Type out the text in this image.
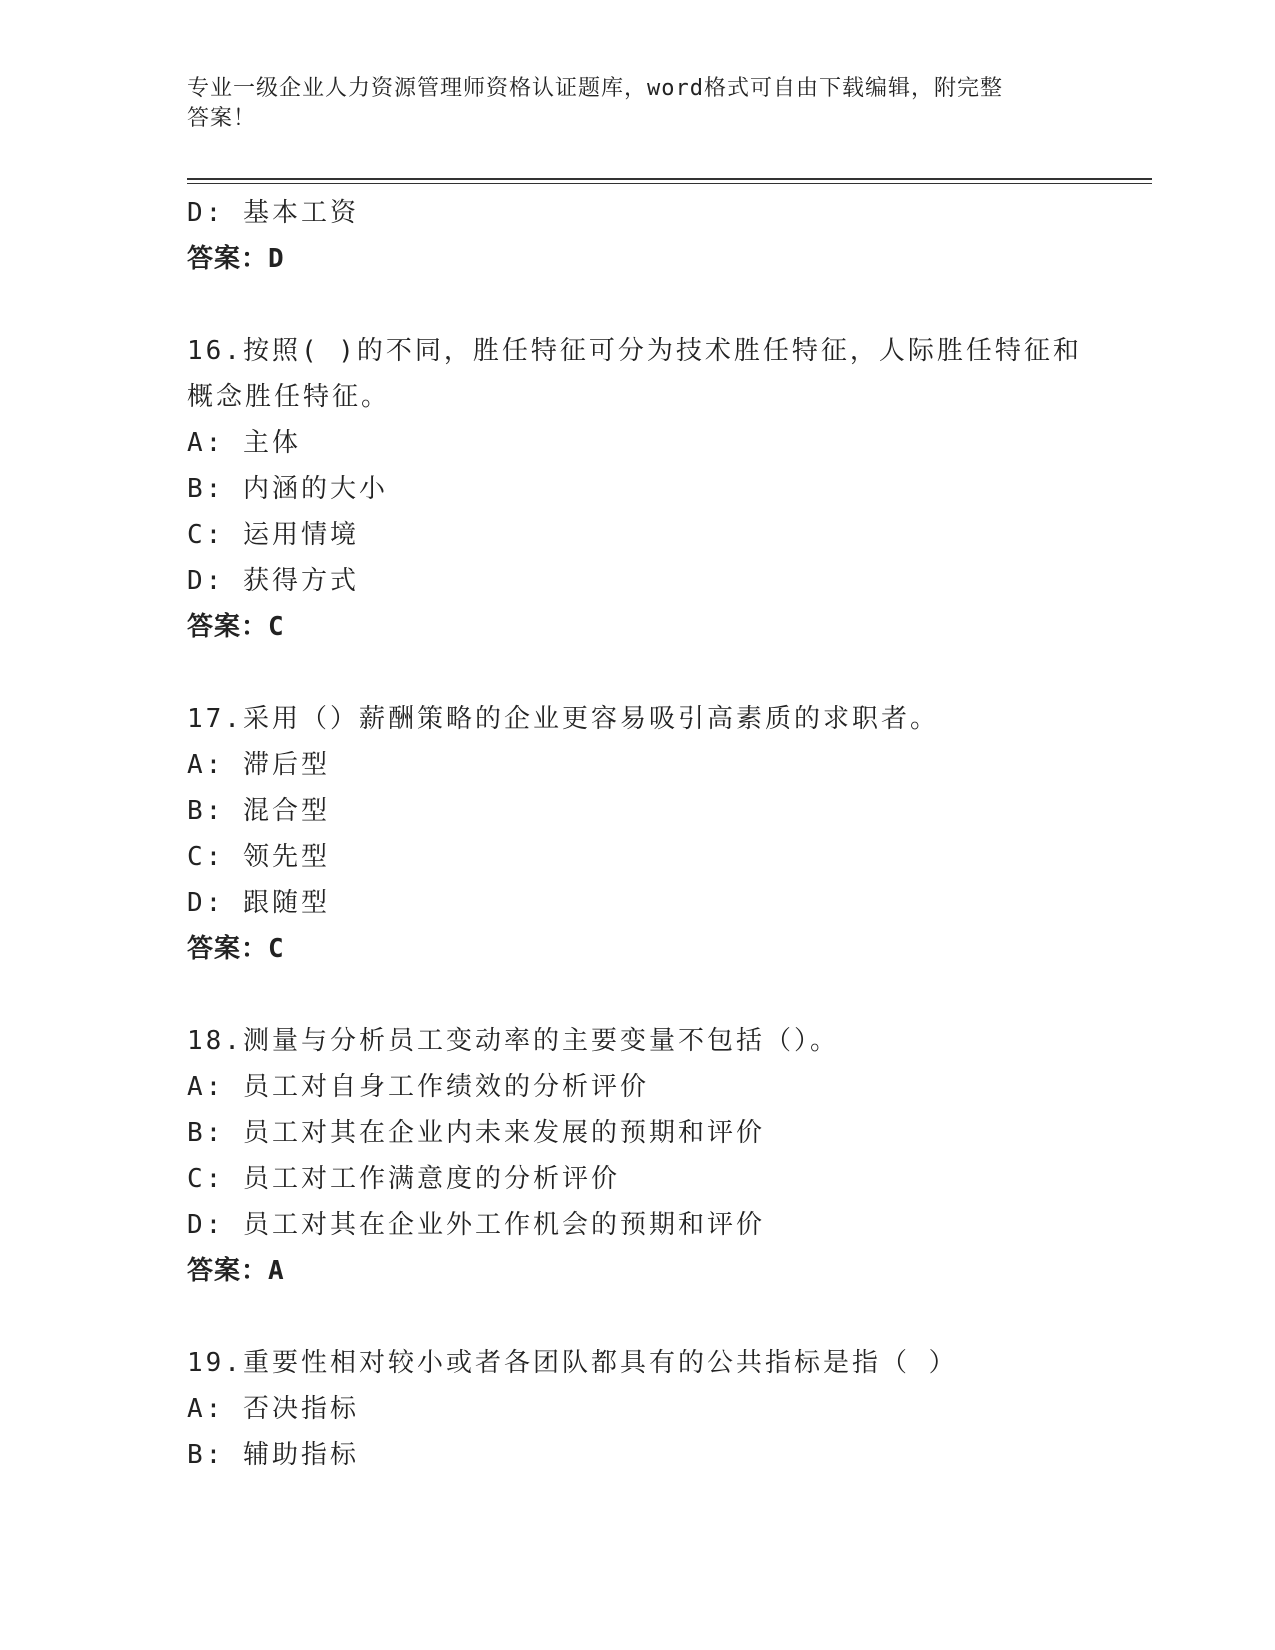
专业一级企业人力资源管理师资格认证题库，word格式可自由下载编辑，附完整
答案！
D: 基本工资
答案：D
16.按照( )的不同，胜任特征可分为技术胜任特征，人际胜任特征和
概念胜任特征。
A: 主体
B: 内涵的大小
C: 运用情境
D: 获得方式
答案：C
17.采用（）薪酬策略的企业更容易吸引高素质的求职者。
A: 滞后型
B: 混合型
C: 领先型
D: 跟随型
答案：C
18.测量与分析员工变动率的主要变量不包括（）。
A: 员工对自身工作绩效的分析评价
B: 员工对其在企业内未来发展的预期和评价
C: 员工对工作满意度的分析评价
D: 员工对其在企业外工作机会的预期和评价
答案：A
19.重要性相对较小或者各团队都具有的公共指标是指（ ）
A: 否决指标
B: 辅助指标
